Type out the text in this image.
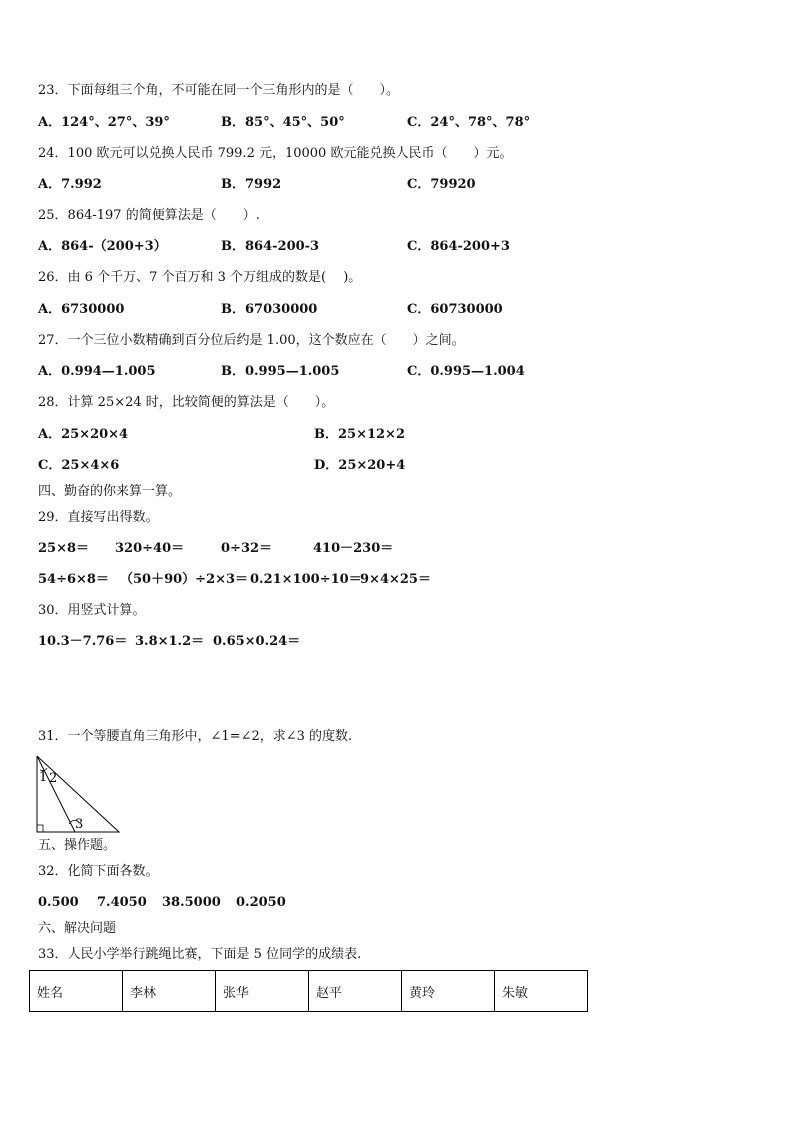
23．下面每组三个角，不可能在同一个三角形内的是（　　）。
A．124°、27°、39°	B．85°、45°、50°	C．24°、78°、78°
24．100 欧元可以兑换人民币 799.2 元，10000 欧元能兑换人民币（　　）元。
A．7.992	B．7992	C．79920
25．864-197 的简便算法是（　　）.
A．864-（200+3）	B．864-200-3	C．864-200+3
26．由 6 个千万、7 个百万和 3 个万组成的数是(　 )。
A．6730000	B．67030000	C．60730000
27．一个三位小数精确到百分位后约是 1.00，这个数应在（　　）之间。
A．0.994—1.005	B．0.995—1.005	C．0.995—1.004
28．计算 25×24 时，比较简便的算法是（　　）。
A．25×20×4	B．25×12×2
C．25×4×6	D．25×20+4
四、勤奋的你来算一算。
29．直接写出得数。
25×8＝ 320÷40＝	0÷32＝	410－230＝
54÷6×8＝ （50＋90）÷2×3＝ 0.21×100÷10＝
9×4×25＝
30．用竖式计算。
10.3－7.76＝ 3.8×1.2＝ 0.65×0.24＝
31．一个等腰直角三角形中，∠1=∠2，求∠3 的度数.
1 2
3
五、操作题。
32．化简下面各数。
0.500 7.4050 38.5000 0.2050
六、解决问题
33．人民小学举行跳绳比赛，下面是 5 位同学的成绩表.
姓名	李林	张华	赵平	黄玲	朱敏
